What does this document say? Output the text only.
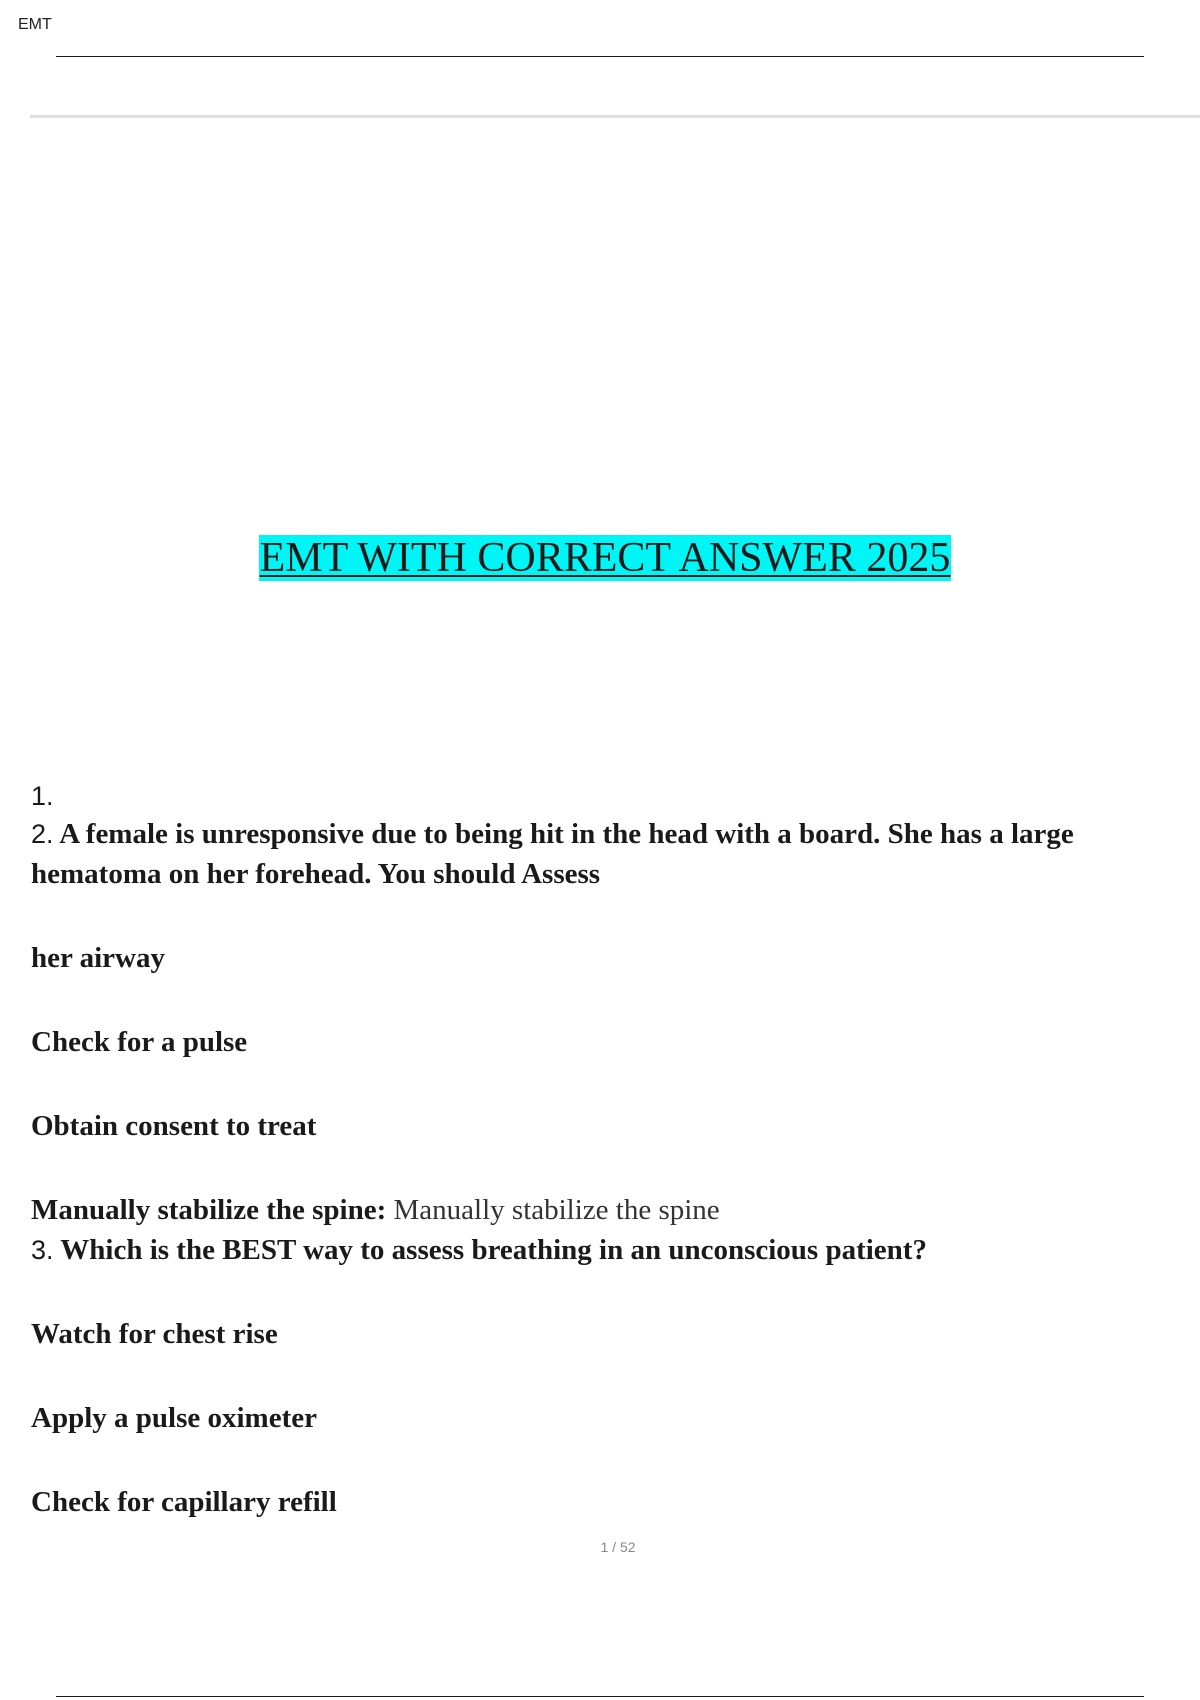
EMT
EMT WITH CORRECT ANSWER 2025
1.
2. A female is unresponsive due to being hit in the head with a board. She has a large hematoma on her forehead. You should Assess
her airway
Check for a pulse
Obtain consent to treat
Manually stabilize the spine: Manually stabilize the spine
3. Which is the BEST way to assess breathing in an unconscious patient?
Watch for chest rise
Apply a pulse oximeter
Check for capillary refill
1 / 52
